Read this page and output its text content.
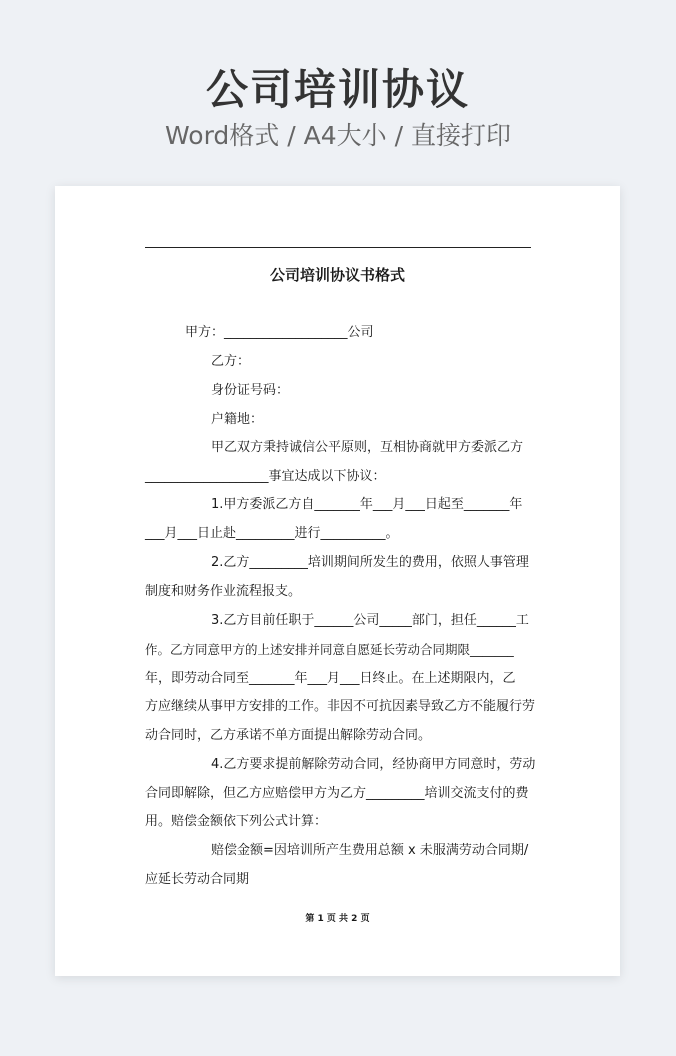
公司培训协议
Word格式 / A4大小 / 直接打印
公司培训协议书格式
甲方：___________________公司
乙方：
身份证号码：
户籍地：
甲乙双方秉持诚信公平原则，互相协商就甲方委派乙方
___________________事宜达成以下协议：
1.甲方委派乙方自_______年___月___日起至_______年
___月___日止赴_________进行__________。
2.乙方_________培训期间所发生的费用，依照人事管理
制度和财务作业流程报支。
3.乙方目前任职于______公司_____部门，担任______工
作。乙方同意甲方的上述安排并同意自愿延长劳动合同期限_______
年，即劳动合同至_______年___月___日终止。在上述期限内，乙
方应继续从事甲方安排的工作。非因不可抗因素导致乙方不能履行劳
动合同时，乙方承诺不单方面提出解除劳动合同。
4.乙方要求提前解除劳动合同，经协商甲方同意时，劳动
合同即解除，但乙方应赔偿甲方为乙方_________培训交流支付的费
用。赔偿金额依下列公式计算：
赔偿金额=因培训所产生费用总额 x 未服满劳动合同期/
应延长劳动合同期
第 1 页 共 2 页
